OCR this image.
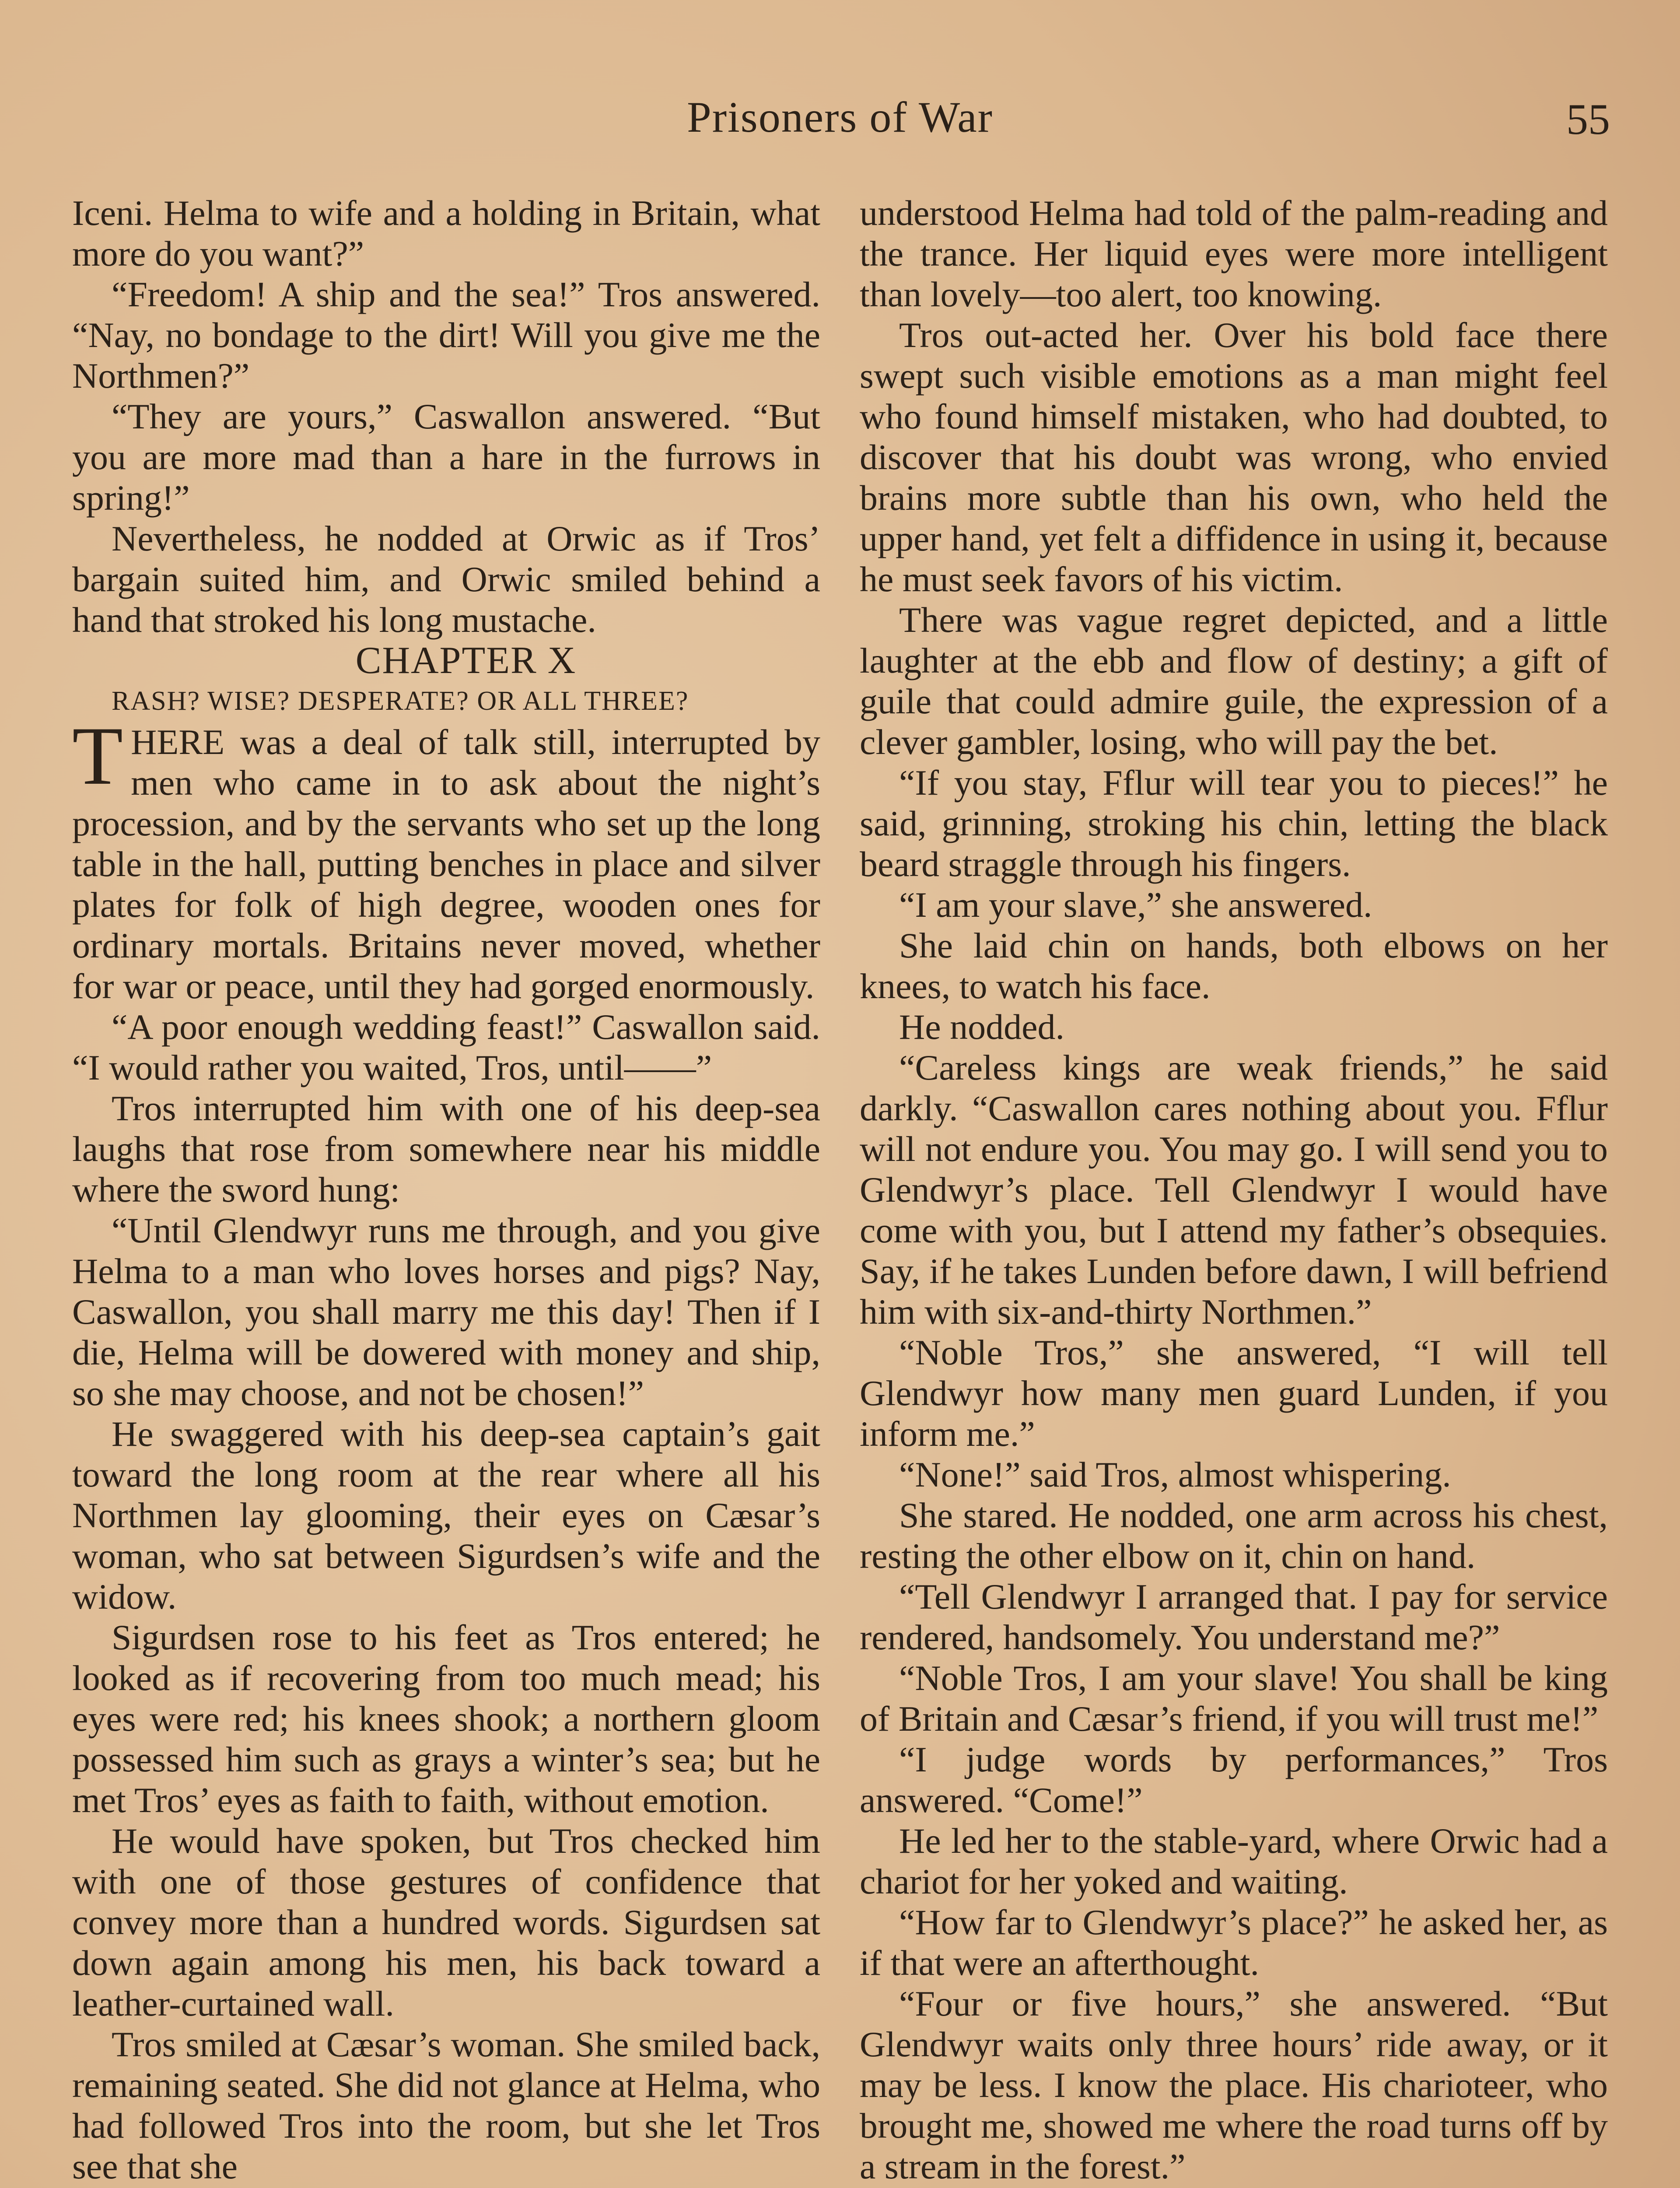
Prisoners of War	55

Iceni. Helma to wife and a holding in Britain, what more do you want?”

“Freedom! A ship and the sea!” Tros answered. “Nay, no bondage to the dirt! Will you give me the Northmen?”

“They are yours,” Caswallon answered. “But you are more mad than a hare in the furrows in spring!”

Nevertheless, he nodded at Orwic as if Tros’ bargain suited him, and Orwic smiled behind a hand that stroked his long mustache.

CHAPTER X

RASH? WISE? DESPERATE? OR ALL THREE?

THERE was a deal of talk still, interrupted by men who came in to ask about the night’s procession, and by the servants who set up the long table in the hall, putting benches in place and silver plates for folk of high degree, wooden ones for ordinary mortals. Britains never moved, whether for war or peace, until they had gorged enormously.

“A poor enough wedding feast!” Caswallon said. “I would rather you waited, Tros, until——”

Tros interrupted him with one of his deep-sea laughs that rose from somewhere near his middle where the sword hung:

“Until Glendwyr runs me through, and you give Helma to a man who loves horses and pigs? Nay, Caswallon, you shall marry me this day! Then if I die, Helma will be dowered with money and ship, so she may choose, and not be chosen!”

He swaggered with his deep-sea captain’s gait toward the long room at the rear where all his Northmen lay glooming, their eyes on Cæsar’s woman, who sat between Sigurdsen’s wife and the widow.

Sigurdsen rose to his feet as Tros entered; he looked as if recovering from too much mead; his eyes were red; his knees shook; a northern gloom possessed him such as grays a winter’s sea; but he met Tros’ eyes as faith to faith, without emotion.

He would have spoken, but Tros checked him with one of those gestures of confidence that convey more than a hundred words. Sigurdsen sat down again among his men, his back toward a leather-curtained wall.

Tros smiled at Cæsar’s woman. She smiled back, remaining seated. She did not glance at Helma, who had followed Tros into the room, but she let Tros see that she

understood Helma had told of the palm-reading and the trance. Her liquid eyes were more intelligent than lovely—too alert, too knowing.

Tros out-acted her. Over his bold face there swept such visible emotions as a man might feel who found himself mistaken, who had doubted, to discover that his doubt was wrong, who envied brains more subtle than his own, who held the upper hand, yet felt a diffidence in using it, because he must seek favors of his victim.

There was vague regret depicted, and a little laughter at the ebb and flow of destiny; a gift of guile that could admire guile, the expression of a clever gambler, losing, who will pay the bet.

“If you stay, Fflur will tear you to pieces!” he said, grinning, stroking his chin, letting the black beard straggle through his fingers.

“I am your slave,” she answered.

She laid chin on hands, both elbows on her knees, to watch his face.

He nodded.

“Careless kings are weak friends,” he said darkly. “Caswallon cares nothing about you. Fflur will not endure you. You may go. I will send you to Glendwyr’s place. Tell Glendwyr I would have come with you, but I attend my father’s obsequies. Say, if he takes Lunden before dawn, I will befriend him with six-and-thirty Northmen.”

“Noble Tros,” she answered, “I will tell Glendwyr how many men guard Lunden, if you inform me.”

“None!” said Tros, almost whispering.

She stared. He nodded, one arm across his chest, resting the other elbow on it, chin on hand.

“Tell Glendwyr I arranged that. I pay for service rendered, handsomely. You understand me?”

“Noble Tros, I am your slave! You shall be king of Britain and Cæsar’s friend, if you will trust me!”

“I judge words by performances,” Tros answered. “Come!”

He led her to the stable-yard, where Orwic had a chariot for her yoked and waiting.

“How far to Glendwyr’s place?” he asked her, as if that were an afterthought.

“Four or five hours,” she answered. “But Glendwyr waits only three hours’ ride away, or it may be less. I know the place. His charioteer, who brought me, showed me where the road turns off by a stream in the forest.”
